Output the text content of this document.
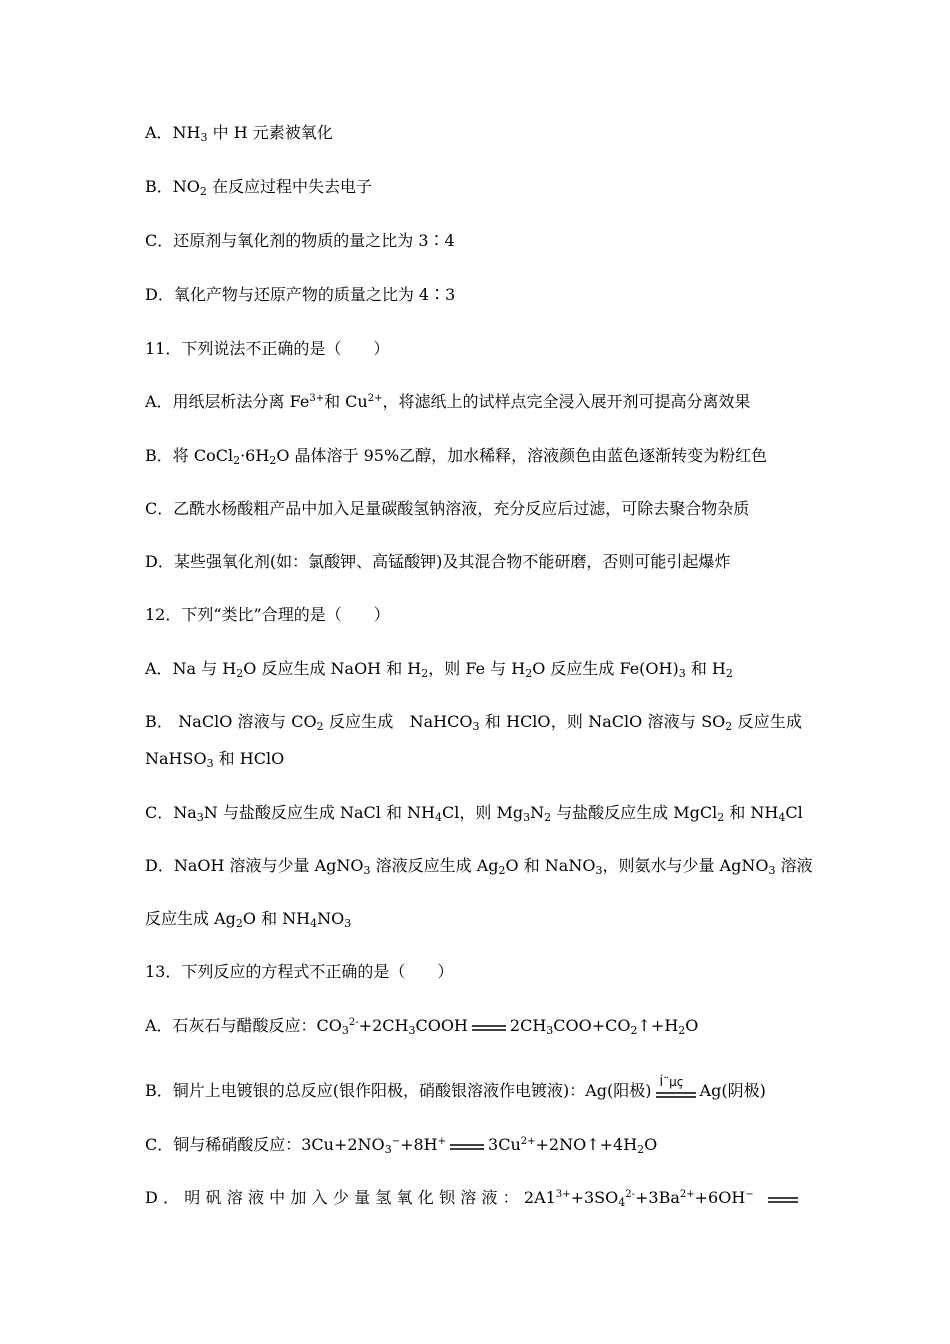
A．$NH_3$ 中 H 元素被氧化
B．$NO_2$ 在反应过程中失去电子
C．还原剂与氧化剂的物质的量之比为 3∶4
D．氧化产物与还原产物的质量之比为 4∶3
11．下列说法不正确的是（　　）
A．用纸层析法分离 $Fe^{3+}$和 $Cu^{2+}$，将滤纸上的试样点完全浸入展开剂可提高分离效果
B．将 $CoCl_2\cdot 6H_2O$ 晶体溶于 95%乙醇，加水稀释，溶液颜色由蓝色逐渐转变为粉红色
C．乙酰水杨酸粗产品中加入足量碳酸氢钠溶液，充分反应后过滤，可除去聚合物杂质
D．某些强氧化剂(如：氯酸钾、高锰酸钾)及其混合物不能研磨，否则可能引起爆炸
12．下列“类比”合理的是（　　）
A．Na 与 $H_2O$ 反应生成 NaOH 和 $H_2$，则 Fe 与 $H_2O$ 反应生成 $Fe(OH)_3$ 和 $H_2$
B． NaClO 溶液与 $CO_2$ 反应生成　NaHCO$_3$ 和 HClO，则 NaClO 溶液与 $SO_2$ 反应生成
NaHSO$_3$ 和 HClO
C．$Na_3N$ 与盐酸反应生成 NaCl 和 $NH_4Cl$，则 $Mg_3N_2$ 与盐酸反应生成 MgCl$_2$ 和 $NH_4Cl$
D．NaOH 溶液与少量 AgNO$_3$ 溶液反应生成 $Ag_2O$ 和 NaNO$_3$，则氨水与少量 AgNO$_3$ 溶液
反应生成 $Ag_2O$ 和 $NH_4NO_3$
13．下列反应的方程式不正确的是（　　）
A．石灰石与醋酸反应：$CO_3^{2-}+2CH_3COOH$	$2CH_3COO+CO_2↑+H_2O$
B．铜片上电镀银的总反应(银作阳极，硝酸银溶液作电镀液)：Ag(阳极) Í¨µç Ag(阴极)
C．铜与稀硝酸反应：$3Cu+2NO_3^-+8H^+$	$3Cu^{2+}+2NO↑+4H_2O$
D．明矾溶液中加入少量氢氧化钡溶液：$2A1^{3+}+3SO_4^{2-}+3Ba^{2+}+6OH^-$
